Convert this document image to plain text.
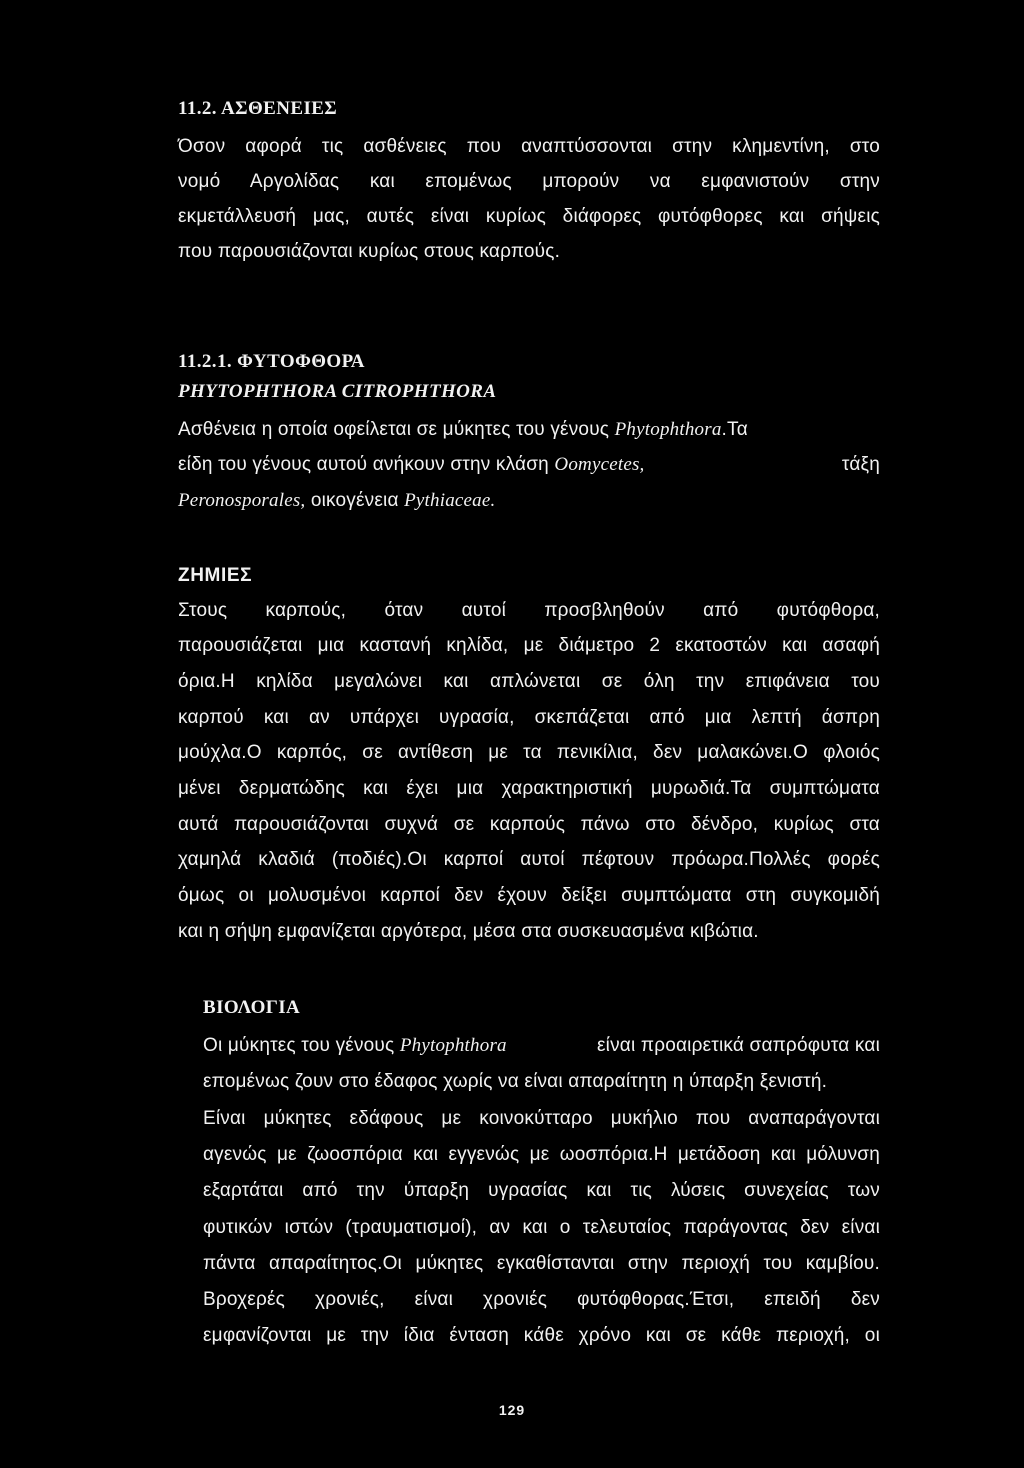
11.2. ΑΣΘΕΝΕΙΕΣ
Όσον αφορά τις ασθένειες που αναπτύσσονται στην κλημεντίνη, στο
νομό Αργολίδας και επομένως μπορούν να εμφανιστούν στην
εκμετάλλευσή μας, αυτές είναι κυρίως διάφορες φυτόφθορες και σήψεις
που παρουσιάζονται κυρίως στους καρπούς.
11.2.1. ΦΥΤΟΦΘΟΡΑ
PHYTOPHTHORA CITROPHTHORA
Ασθένεια η οποία οφείλεται σε μύκητες του γένους Phytophthora.Τα
είδη του γένους αυτού ανήκουν στην κλάση Oomycetes,	τάξη
Peronosporales, οικογένεια Pythiaceae.
ΖΗΜΙΕΣ
Στους καρπούς, όταν αυτοί προσβληθούν από φυτόφθορα,
παρουσιάζεται μια καστανή κηλίδα, με διάμετρο 2 εκατοστών και ασαφή
όρια.Η κηλίδα μεγαλώνει και απλώνεται σε όλη την επιφάνεια του
καρπού και αν υπάρχει υγρασία, σκεπάζεται από μια λεπτή άσπρη
μούχλα.Ο καρπός, σε αντίθεση με τα πενικίλια, δεν μαλακώνει.Ο φλοιός
μένει δερματώδης και έχει μια χαρακτηριστική μυρωδιά.Τα συμπτώματα
αυτά παρουσιάζονται συχνά σε καρπούς πάνω στο δένδρο, κυρίως στα
χαμηλά κλαδιά (ποδιές).Οι καρποί αυτοί πέφτουν πρόωρα.Πολλές φορές
όμως οι μολυσμένοι καρποί δεν έχουν δείξει συμπτώματα στη συγκομιδή
και η σήψη εμφανίζεται αργότερα, μέσα στα συσκευασμένα κιβώτια.
ΒΙΟΛΟΓΙΑ
Οι μύκητες του γένους Phytophthora	είναι προαιρετικά σαπρόφυτα και
επομένως ζουν στο έδαφος χωρίς να είναι απαραίτητη η ύπαρξη ξενιστή.
Είναι μύκητες εδάφους με κοινοκύτταρο μυκήλιο που αναπαράγονται
αγενώς με ζωοσπόρια και εγγενώς με ωοσπόρια.Η μετάδοση και μόλυνση
εξαρτάται από την ύπαρξη υγρασίας και τις λύσεις συνεχείας των
φυτικών ιστών (τραυματισμοί), αν και ο τελευταίος παράγοντας δεν είναι
πάντα απαραίτητος.Οι μύκητες εγκαθίστανται στην περιοχή του καμβίου.
Βροχερές χρονιές, είναι χρονιές φυτόφθορας.Έτσι, επειδή δεν
εμφανίζονται με την ίδια ένταση κάθε χρόνο και σε κάθε περιοχή, οι
129
